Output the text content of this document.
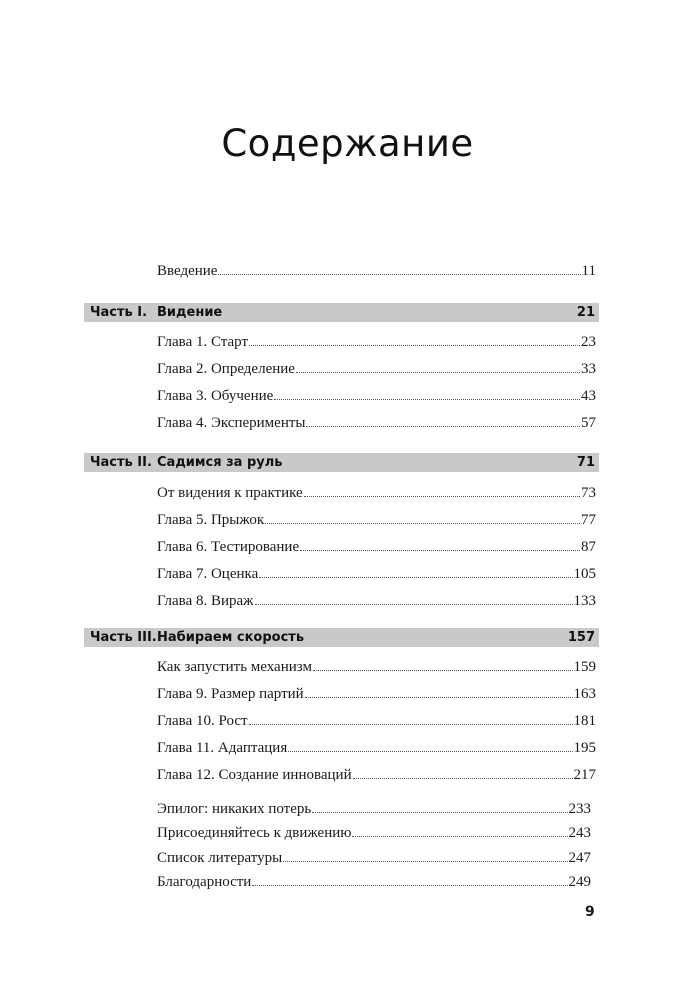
Содержание
Введение	11
Часть I. Видение	21
Глава 1. Старт	23
Глава 2. Определение	33
Глава 3. Обучение	43
Глава 4. Эксперименты	57
Часть II. Садимся за руль	71
От видения к практике	73
Глава 5. Прыжок	77
Глава 6. Тестирование	87
Глава 7. Оценка	105
Глава 8. Вираж	133
Часть III. Набираем скорость	157
Как запустить механизм	159
Глава 9. Размер партий	163
Глава 10. Рост	181
Глава 11. Адаптация	195
Глава 12. Создание инноваций	217
Эпилог: никаких потерь	233
Присоединяйтесь к движению	243
Список литературы	247
Благодарности	249
9
